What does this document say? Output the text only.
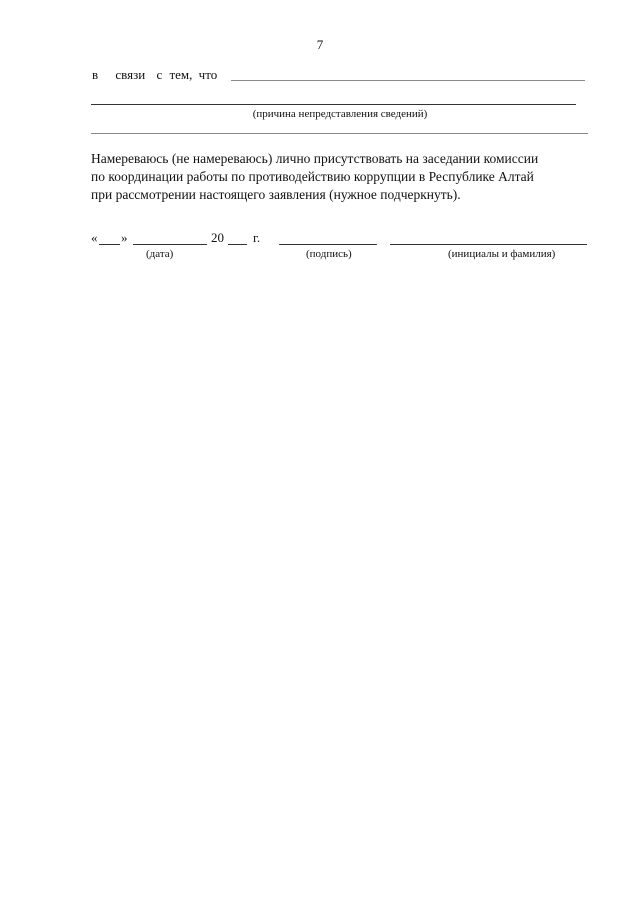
7
в связи с тем, что
(причина непредставления сведений)
Намереваюсь (не намереваюсь) лично присутствовать на заседании комиссии
по координации работы по противодействию коррупции в Республике Алтай
при рассмотрении настоящего заявления (нужное подчеркнуть).
« »	20 г.
(дата)	(подпись)	(инициалы и фамилия)
